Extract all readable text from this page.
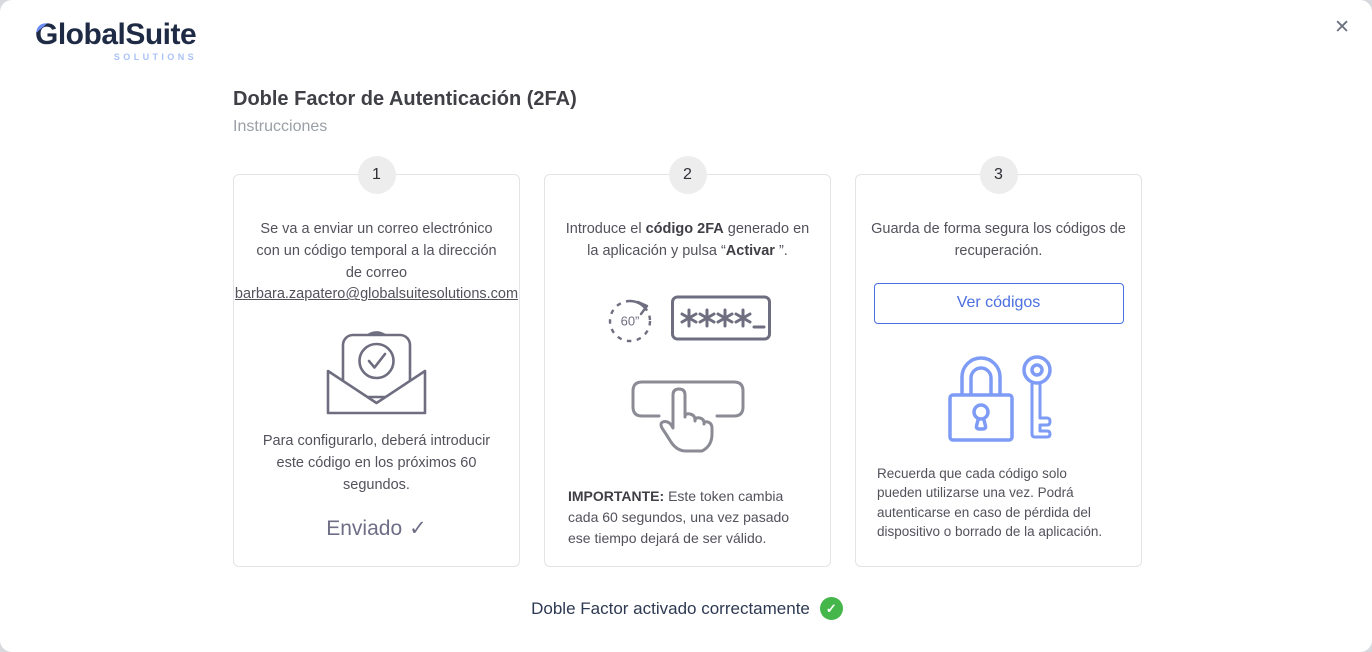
GlobalSuite
SOLUTIONS
✕
Doble Factor de Autenticación (2FA)
Instrucciones
1

Se va a enviar un correo electrónico con un código temporal a la dirección de correo
barbara.zapatero@globalsuitesolutions.com

Para configurarlo, deberá introducir este código en los próximos 60 segundos.

Enviado ✓
2

Introduce el código 2FA generado en la aplicación y pulsa “Activar ”.

60”

IMPORTANTE: Este token cambia cada 60 segundos, una vez pasado ese tiempo dejará de ser válido.

3

Guarda de forma segura los códigos de recuperación.

Ver códigos

Recuerda que cada código solo pueden utilizarse una vez. Podrá autenticarse en caso de pérdida del dispositivo o borrado de la aplicación.

Doble Factor activado correctamente	✓
